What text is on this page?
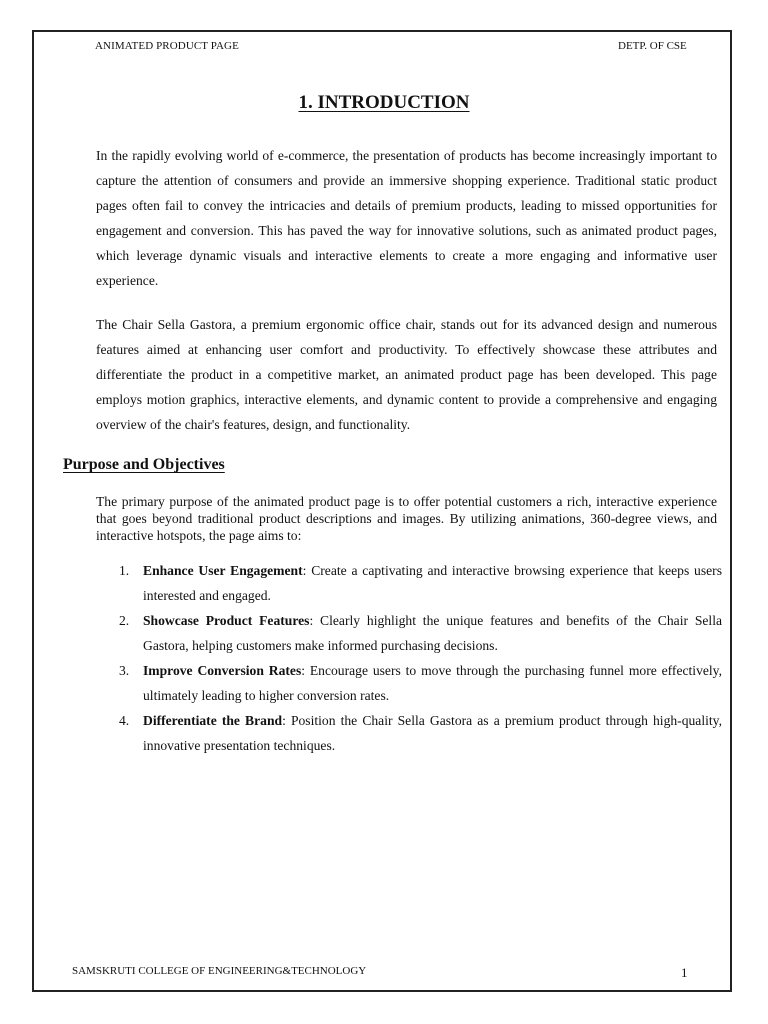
ANIMATED PRODUCT PAGE	DETP. OF CSE
1. INTRODUCTION

In the rapidly evolving world of e-commerce, the presentation of products has become increasingly important to capture the attention of consumers and provide an immersive shopping experience. Traditional static product pages often fail to convey the intricacies and details of premium products, leading to missed opportunities for engagement and conversion. This has paved the way for innovative solutions, such as animated product pages, which leverage dynamic visuals and interactive elements to create a more engaging and informative user experience.

The Chair Sella Gastora, a premium ergonomic office chair, stands out for its advanced design and numerous features aimed at enhancing user comfort and productivity. To effectively showcase these attributes and differentiate the product in a competitive market, an animated product page has been developed. This page employs motion graphics, interactive elements, and dynamic content to provide a comprehensive and engaging overview of the chair's features, design, and functionality.

Purpose and Objectives

The primary purpose of the animated product page is to offer potential customers a rich, interactive experience that goes beyond traditional product descriptions and images. By utilizing animations, 360-degree views, and interactive hotspots, the page aims to:

1. Enhance User Engagement: Create a captivating and interactive browsing experience that keeps users interested and engaged.
2. Showcase Product Features: Clearly highlight the unique features and benefits of the Chair Sella Gastora, helping customers make informed purchasing decisions.
3. Improve Conversion Rates: Encourage users to move through the purchasing funnel more effectively, ultimately leading to higher conversion rates.
4. Differentiate the Brand: Position the Chair Sella Gastora as a premium product through high-quality, innovative presentation techniques.
SAMSKRUTI COLLEGE OF ENGINEERING&TECHNOLOGY	1
